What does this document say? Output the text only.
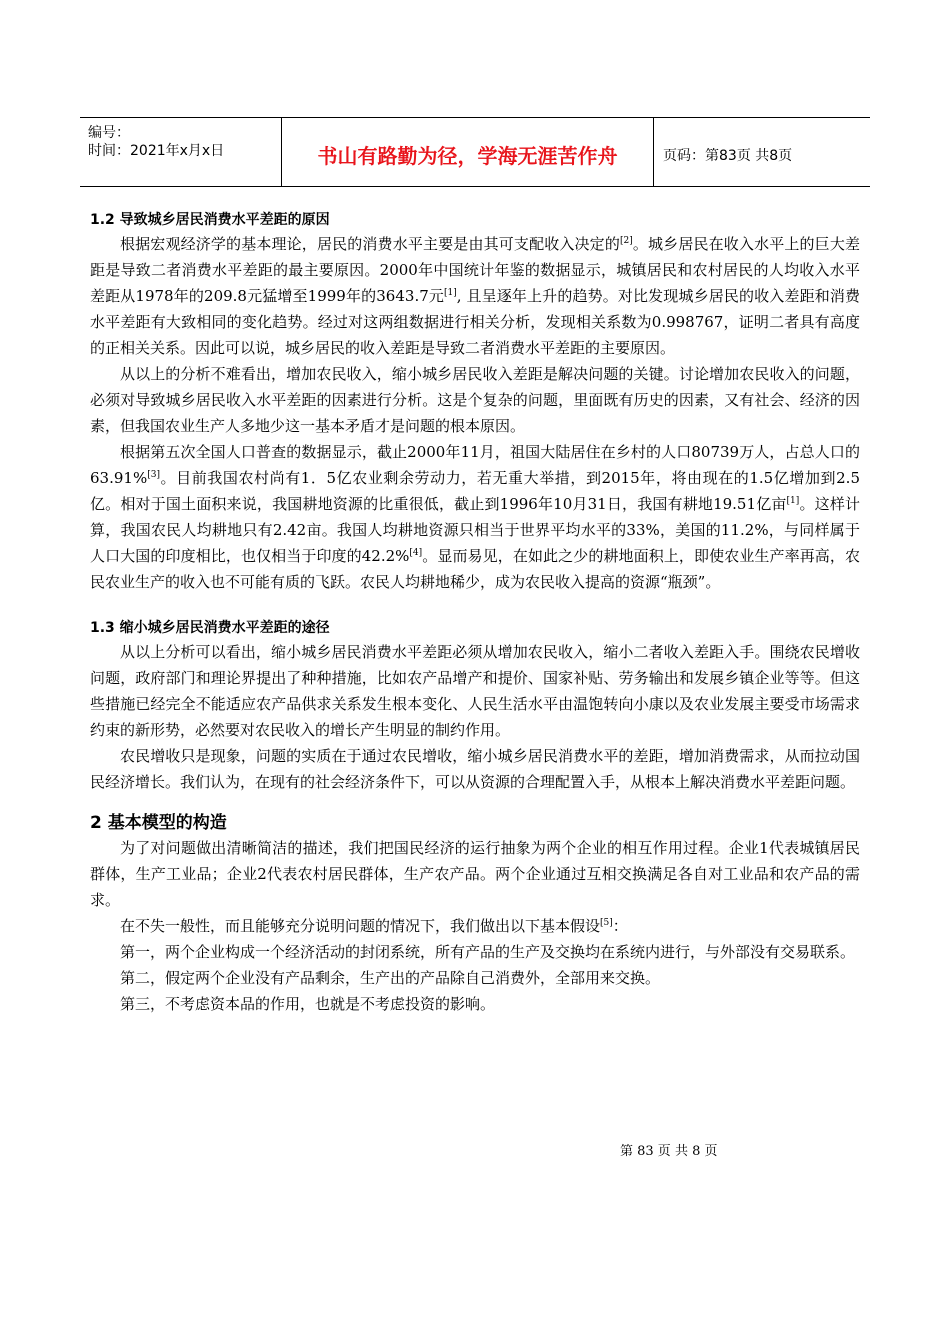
编号：
时间：2021年x月x日	书山有路勤为径，学海无涯苦作舟	页码：第83页 共8页
1.2 导致城乡居民消费水平差距的原因

根据宏观经济学的基本理论，居民的消费水平主要是由其可支配收入决定的[2]。城乡居民在收入水平上的巨大差距是导致二者消费水平差距的最主要原因。2000年中国统计年鉴的数据显示，城镇居民和农村居民的人均收入水平差距从1978年的209.8元猛增至1999年的3643.7元[1], 且呈逐年上升的趋势。对比发现城乡居民的收入差距和消费水平差距有大致相同的变化趋势。经过对这两组数据进行相关分析，发现相关系数为0.998767，证明二者具有高度的正相关关系。因此可以说，城乡居民的收入差距是导致二者消费水平差距的主要原因。

从以上的分析不难看出，增加农民收入，缩小城乡居民收入差距是解决问题的关键。讨论增加农民收入的问题，必须对导致城乡居民收入水平差距的因素进行分析。这是个复杂的问题，里面既有历史的因素，又有社会、经济的因素，但我国农业生产人多地少这一基本矛盾才是问题的根本原因。

根据第五次全国人口普查的数据显示，截止2000年11月，祖国大陆居住在乡村的人口80739万人，占总人口的63.91%[3]。目前我国农村尚有1．5亿农业剩余劳动力，若无重大举措，到2015年，将由现在的1.5亿增加到2.5亿。相对于国土面积来说，我国耕地资源的比重很低，截止到1996年10月31日，我国有耕地19.51亿亩[1]。这样计算，我国农民人均耕地只有2.42亩。我国人均耕地资源只相当于世界平均水平的33%，美国的11.2%，与同样属于人口大国的印度相比，也仅相当于印度的42.2%[4]。显而易见，在如此之少的耕地面积上，即使农业生产率再高，农民农业生产的收入也不可能有质的飞跃。农民人均耕地稀少，成为农民收入提高的资源“瓶颈”。

1.3 缩小城乡居民消费水平差距的途径

从以上分析可以看出，缩小城乡居民消费水平差距必须从增加农民收入，缩小二者收入差距入手。围绕农民增收问题，政府部门和理论界提出了种种措施，比如农产品增产和提价、国家补贴、劳务输出和发展乡镇企业等等。但这些措施已经完全不能适应农产品供求关系发生根本变化、人民生活水平由温饱转向小康以及农业发展主要受市场需求约束的新形势，必然要对农民收入的增长产生明显的制约作用。

农民增收只是现象，问题的实质在于通过农民增收，缩小城乡居民消费水平的差距，增加消费需求，从而拉动国民经济增长。我们认为，在现有的社会经济条件下，可以从资源的合理配置入手，从根本上解决消费水平差距问题。

2 基本模型的构造

为了对问题做出清晰简洁的描述，我们把国民经济的运行抽象为两个企业的相互作用过程。企业1代表城镇居民群体，生产工业品；企业2代表农村居民群体，生产农产品。两个企业通过互相交换满足各自对工业品和农产品的需求。

在不失一般性，而且能够充分说明问题的情况下，我们做出以下基本假设[5]：

第一，两个企业构成一个经济活动的封闭系统，所有产品的生产及交换均在系统内进行，与外部没有交易联系。

第二，假定两个企业没有产品剩余，生产出的产品除自己消费外，全部用来交换。

第三，不考虑资本品的作用，也就是不考虑投资的影响。

第 83 页 共 8 页
